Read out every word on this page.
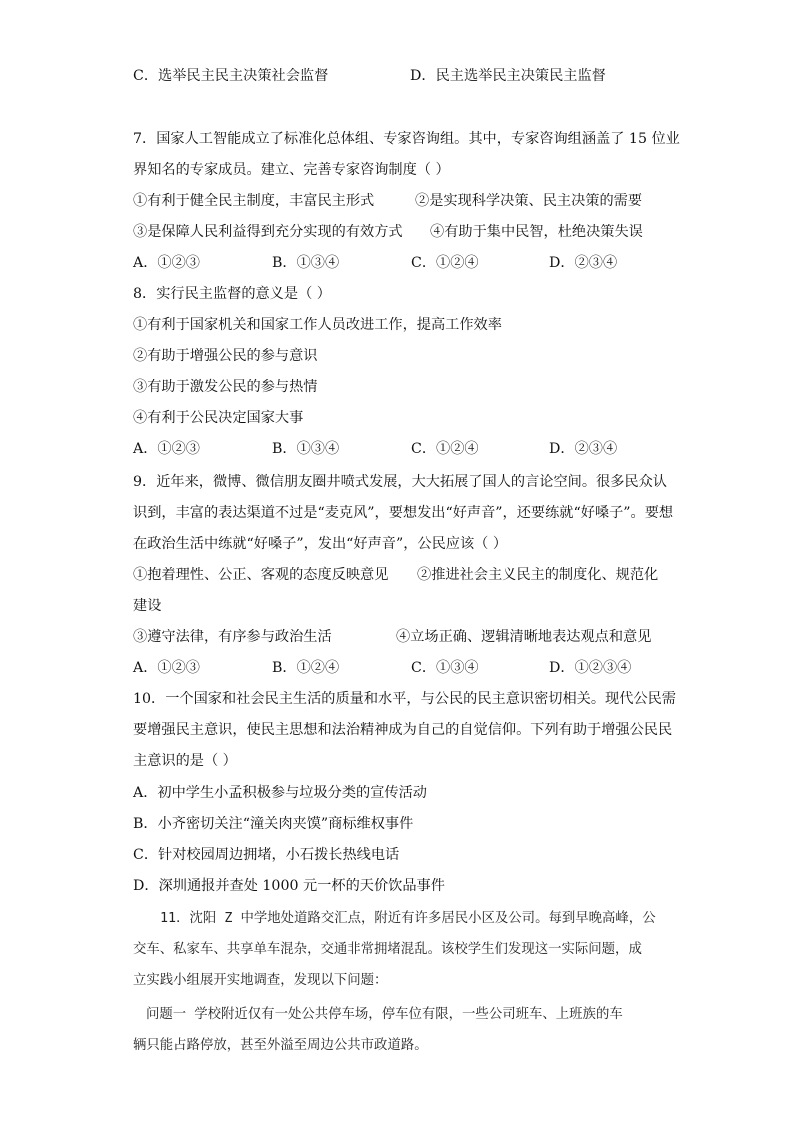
C．选举民主民主决策社会监督	D．民主选举民主决策民主监督
7．国家人工智能成立了标准化总体组、专家咨询组。其中，专家咨询组涵盖了 15 位业
界知名的专家成员。建立、完善专家咨询制度（ ）
①有利于健全民主制度，丰富民主形式	②是实现科学决策、民主决策的需要
③是保障人民利益得到充分实现的有效方式 ④有助于集中民智，杜绝决策失误
A．①②③	B．①③④	C．①②④	D．②③④
8．实行民主监督的意义是（ ）
①有利于国家机关和国家工作人员改进工作，提高工作效率
②有助于增强公民的参与意识
③有助于激发公民的参与热情
④有利于公民决定国家大事
A．①②③	B．①③④	C．①②④	D．②③④
9．近年来，微博、微信朋友圈井喷式发展，大大拓展了国人的言论空间。很多民众认
识到，丰富的表达渠道不过是“麦克风”，要想发出“好声音”，还要练就“好嗓子”。要想
在政治生活中练就“好嗓子”，发出“好声音”，公民应该（ ）
①抱着理性、公正、客观的态度反映意见 ②推进社会主义民主的制度化、规范化
建设
③遵守法律，有序参与政治生活	④立场正确、逻辑清晰地表达观点和意见
A．①②③	B．①②④	C．①③④	D．①②③④
10．一个国家和社会民主生活的质量和水平，与公民的民主意识密切相关。现代公民需
要增强民主意识，使民主思想和法治精神成为自己的自觉信仰。下列有助于增强公民民
主意识的是（ ）
A．初中学生小孟积极参与垃圾分类的宣传活动
B．小齐密切关注“潼关肉夹馍”商标维权事件
C．针对校园周边拥堵，小石拨长热线电话
D．深圳通报并查处 1000 元一杯的天价饮品事件
11．沈阳 Z 中学地处道路交汇点，附近有许多居民小区及公司。每到早晚高峰，公
交车、私家车、共享单车混杂，交通非常拥堵混乱。该校学生们发现这一实际问题，成
立实践小组展开实地调查，发现以下问题：
问题一 学校附近仅有一处公共停车场，停车位有限，一些公司班车、上班族的车
辆只能占路停放，甚至外溢至周边公共市政道路。
